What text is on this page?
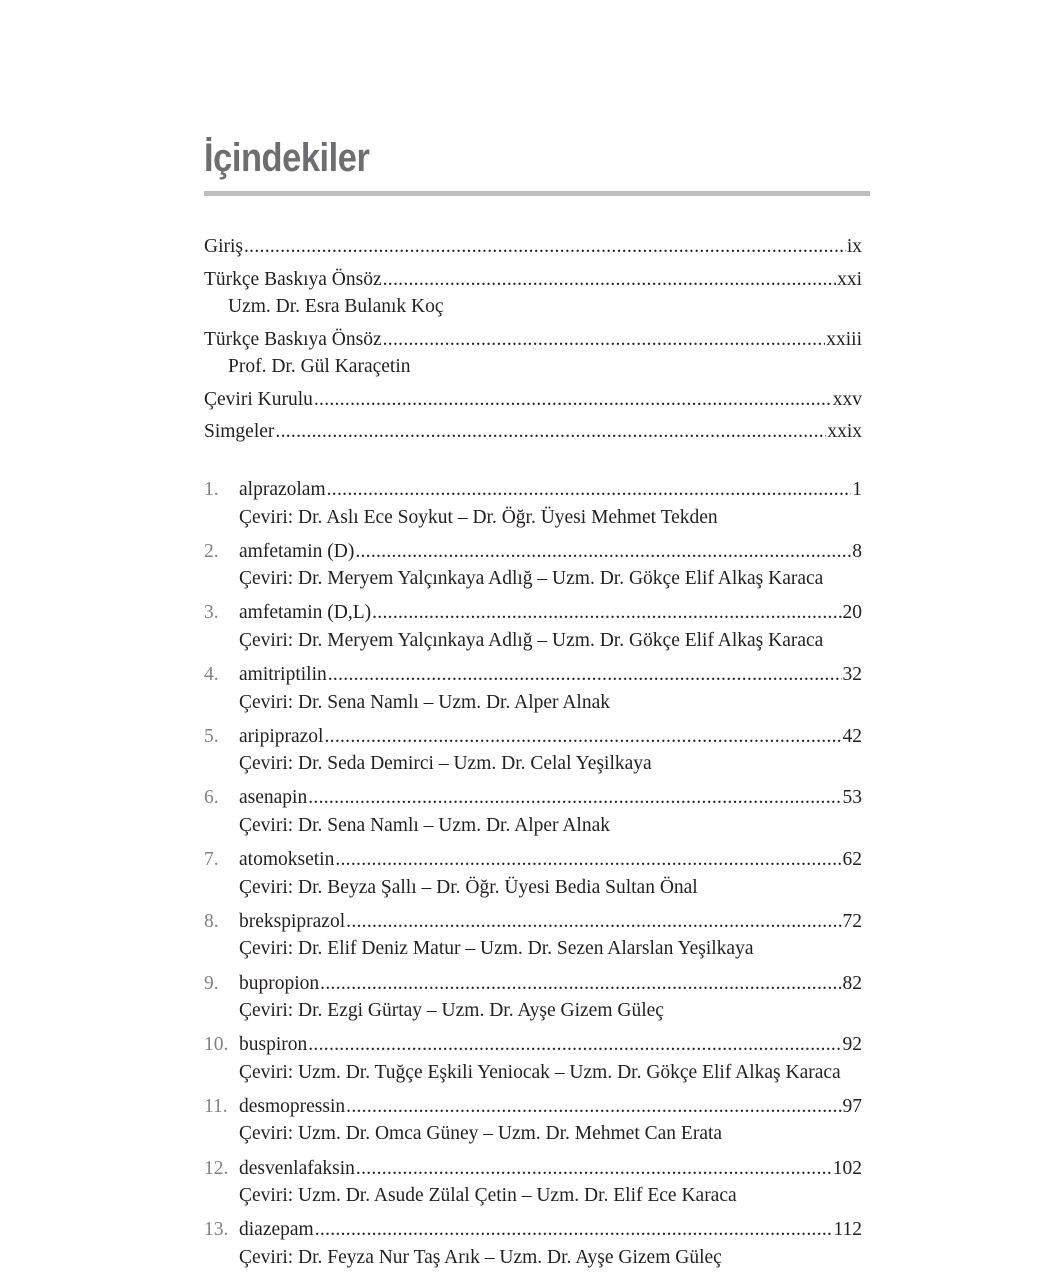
İçindekiler
Giriş .....	ix
Türkçe Baskıya Önsöz .....	xxi
Uzm. Dr. Esra Bulanık Koç
Türkçe Baskıya Önsöz .....	xxiii
Prof. Dr. Gül Karaçetin
Çeviri Kurulu .....	xxv
Simgeler .....	xxix
1.	alprazolam .....	1
Çeviri: Dr. Aslı Ece Soykut – Dr. Öğr. Üyesi Mehmet Tekden
2.	amfetamin (D) .....	8
Çeviri: Dr. Meryem Yalçınkaya Adlığ – Uzm. Dr. Gökçe Elif Alkaş Karaca
3.	amfetamin (D,L) .....	20
Çeviri: Dr. Meryem Yalçınkaya Adlığ – Uzm. Dr. Gökçe Elif Alkaş Karaca
4.	amitriptilin .....	32
Çeviri: Dr. Sena Namlı – Uzm. Dr. Alper Alnak
5.	aripiprazol .....	42
Çeviri: Dr. Seda Demirci – Uzm. Dr. Celal Yeşilkaya
6.	asenapin .....	53
Çeviri: Dr. Sena Namlı – Uzm. Dr. Alper Alnak
7.	atomoksetin .....	62
Çeviri: Dr. Beyza Şallı – Dr. Öğr. Üyesi Bedia Sultan Önal
8.	brekspiprazol .....	72
Çeviri: Dr. Elif Deniz Matur – Uzm. Dr. Sezen Alarslan Yeşilkaya
9.	bupropion .....	82
Çeviri: Dr. Ezgi Gürtay – Uzm. Dr. Ayşe Gizem Güleç
10. buspiron .....	92
Çeviri: Uzm. Dr. Tuğçe Eşkili Yeniocak – Uzm. Dr. Gökçe Elif Alkaş Karaca
11. desmopressin .....	97
Çeviri: Uzm. Dr. Omca Güney – Uzm. Dr. Mehmet Can Erata
12. desvenlafaksin .....	102
Çeviri: Uzm. Dr. Asude Zülal Çetin – Uzm. Dr. Elif Ece Karaca
13. diazepam .....	112
Çeviri: Dr. Feyza Nur Taş Arık – Uzm. Dr. Ayşe Gizem Güleç
